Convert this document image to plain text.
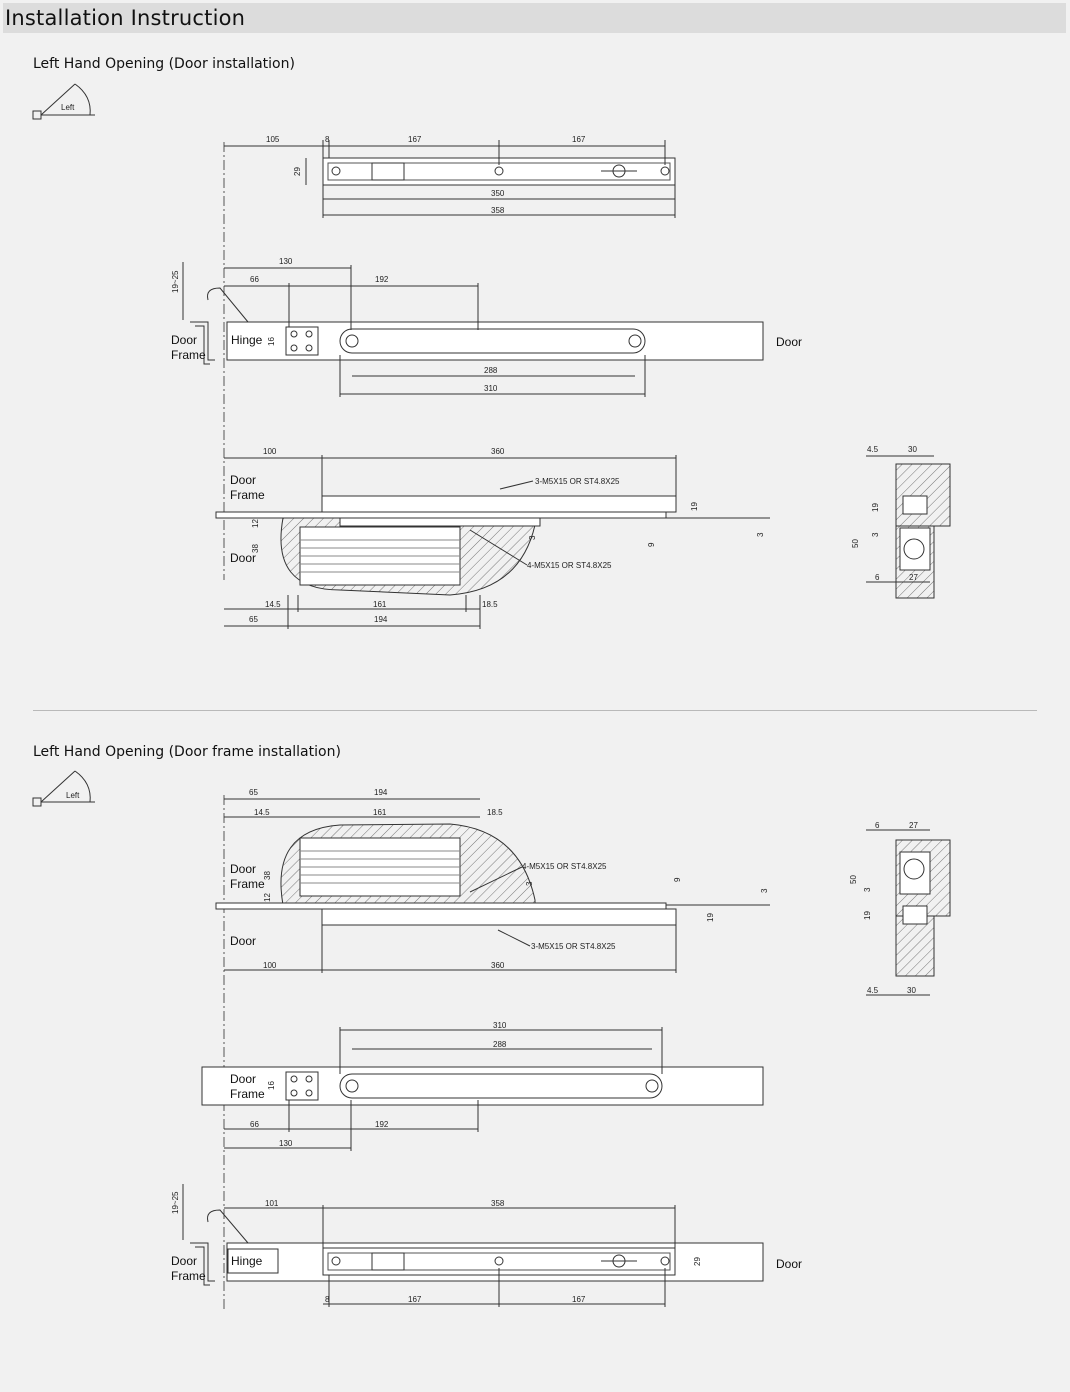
Installation Instruction
Left Hand Opening (Door installation)
Left Hand Opening (Door frame installation)
Left
105	8	167	167
29
350
358
130
66	192
19~25
16
288
310
Door
Frame
Hinge	Door
100	360
3-M5X15 OR ST4.8X25
4-M5X15 OR ST4.8X25
12
38
3
19
9
3
14.5	161	18.5
65	194
Door
Frame
Door
4.5	30
19
50
3
6	27
Left	65	194
14.5	161	18.5
38
12
3
9
3
19
4-M5X15 OR ST4.8X25
3-M5X15 OR ST4.8X25
100	360
Door
Frame
Door
6	27
50
3
19
4.5	30
310
288
16
66	192
130
Door
Frame
101	358
29
19~25
8	167	167
Door
Frame
Hinge	Door
